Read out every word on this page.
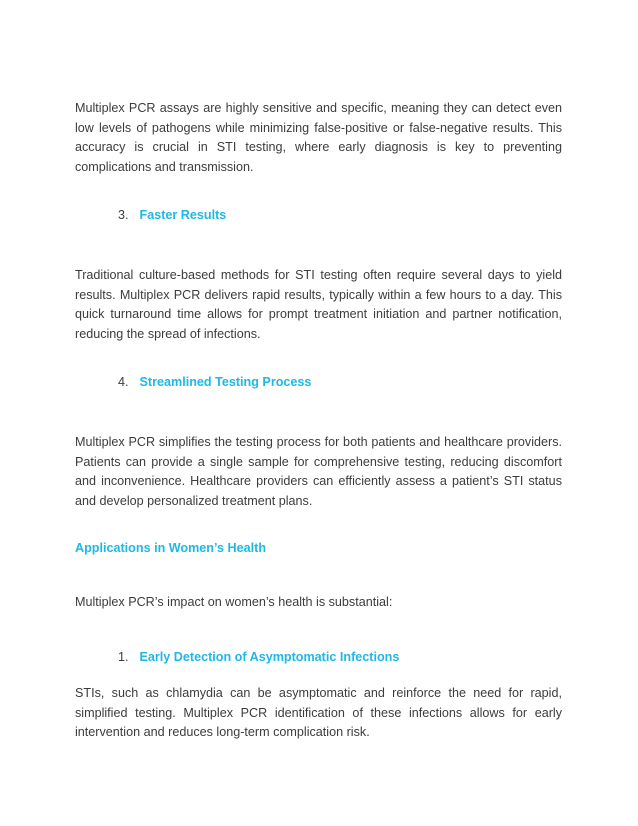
Multiplex PCR assays are highly sensitive and specific, meaning they can detect even low levels of pathogens while minimizing false-positive or false-negative results. This accuracy is crucial in STI testing, where early diagnosis is key to preventing complications and transmission.

3. Faster Results

Traditional culture-based methods for STI testing often require several days to yield results. Multiplex PCR delivers rapid results, typically within a few hours to a day. This quick turnaround time allows for prompt treatment initiation and partner notification, reducing the spread of infections.

4. Streamlined Testing Process

Multiplex PCR simplifies the testing process for both patients and healthcare providers. Patients can provide a single sample for comprehensive testing, reducing discomfort and inconvenience. Healthcare providers can efficiently assess a patient’s STI status and develop personalized treatment plans.

Applications in Women’s Health

Multiplex PCR’s impact on women’s health is substantial:

1. Early Detection of Asymptomatic Infections

STIs, such as chlamydia can be asymptomatic and reinforce the need for rapid, simplified testing. Multiplex PCR identification of these infections allows for early intervention and reduces long-term complication risk.
